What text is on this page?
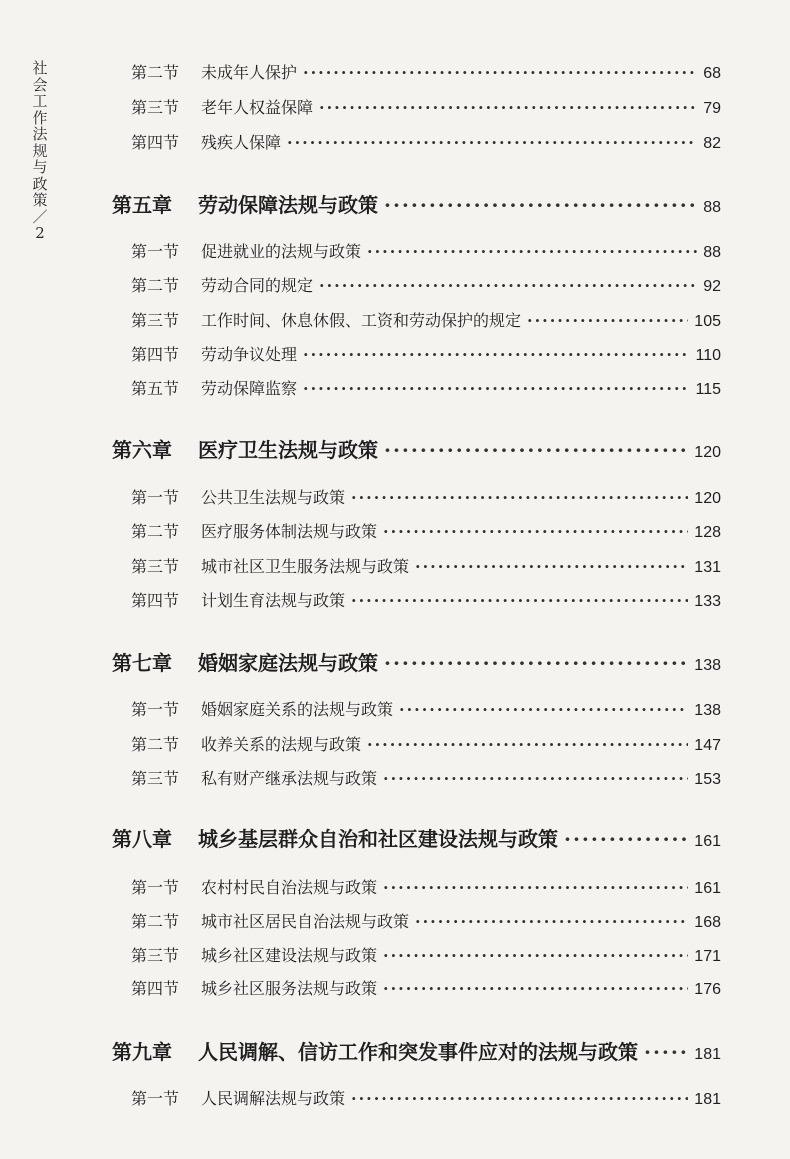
社会工作法规与政策／2
第二节	未成年人保护 ·····	68
第三节	老年人权益保障 ·····	79
第四节	残疾人保障 ·····	82
第五章	劳动保障法规与政策 ·····	88
第一节	促进就业的法规与政策 ·····	88
第二节	劳动合同的规定 ·····	92
第三节	工作时间、休息休假、工资和劳动保护的规定 ·····	105
第四节	劳动争议处理 ·····	110
第五节	劳动保障监察 ·····	115
第六章	医疗卫生法规与政策 ·····	120
第一节	公共卫生法规与政策 ·····	120
第二节	医疗服务体制法规与政策 ·····	128
第三节	城市社区卫生服务法规与政策 ·····	131
第四节	计划生育法规与政策 ·····	133
第七章	婚姻家庭法规与政策 ·····	138
第一节	婚姻家庭关系的法规与政策 ·····	138
第二节	收养关系的法规与政策 ·····	147
第三节	私有财产继承法规与政策 ·····	153
第八章	城乡基层群众自治和社区建设法规与政策 ·····	161
第一节	农村村民自治法规与政策 ·····	161
第二节	城市社区居民自治法规与政策 ·····	168
第三节	城乡社区建设法规与政策 ·····	171
第四节	城乡社区服务法规与政策 ·····	176
第九章	人民调解、信访工作和突发事件应对的法规与政策 ·····	181
第一节	人民调解法规与政策 ·····	181
